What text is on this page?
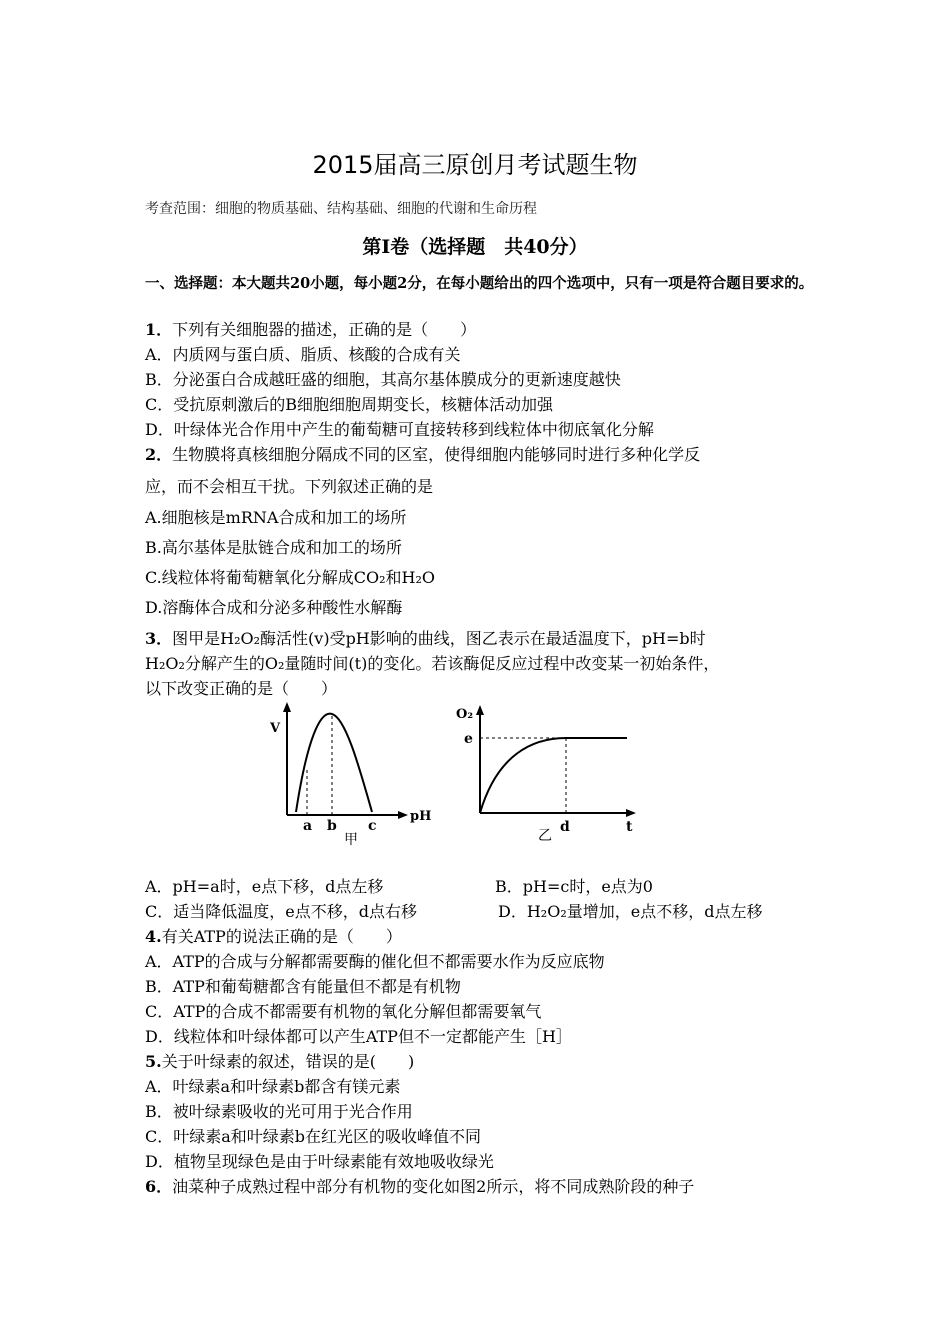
2015届高三原创月考试题生物
考查范围：细胞的物质基础、结构基础、细胞的代谢和生命历程
第I卷（选择题　共40分）
一、选择题：本大题共20小题，每小题2分，在每小题给出的四个选项中，只有一项是符合题目要求的。
1．下列有关细胞器的描述，正确的是（　　）
A．内质网与蛋白质、脂质、核酸的合成有关
B．分泌蛋白合成越旺盛的细胞，其高尔基体膜成分的更新速度越快
C．受抗原刺激后的B细胞细胞周期变长，核糖体活动加强
D．叶绿体光合作用中产生的葡萄糖可直接转移到线粒体中彻底氧化分解
2．生物膜将真核细胞分隔成不同的区室，使得细胞内能够同时进行多种化学反
应，而不会相互干扰。下列叙述正确的是
A.细胞核是mRNA合成和加工的场所
B.高尔基体是肽链合成和加工的场所
C.线粒体将葡萄糖氧化分解成CO₂和H₂O
D.溶酶体合成和分泌多种酸性水解酶
3．图甲是H₂O₂酶活性(v)受pH影响的曲线，图乙表示在最适温度下，pH=b时
H₂O₂分解产生的O₂量随时间(t)的变化。若该酶促反应过程中改变某一初始条件，
以下改变正确的是（　　）
V
pH
a b c
甲
O₂
e
d	t
乙
A．pH=a时，e点下移，d点左移	B．pH=c时，e点为0
C．适当降低温度，e点不移，d点右移	D．H₂O₂量增加，e点不移，d点左移
4.有关ATP的说法正确的是（　　）
A．ATP的合成与分解都需要酶的催化但不都需要水作为反应底物
B．ATP和葡萄糖都含有能量但不都是有机物
C．ATP的合成不都需要有机物的氧化分解但都需要氧气
D．线粒体和叶绿体都可以产生ATP但不一定都能产生［H］
5.关于叶绿素的叙述，错误的是(　　)
A．叶绿素a和叶绿素b都含有镁元素
B．被叶绿素吸收的光可用于光合作用
C．叶绿素a和叶绿素b在红光区的吸收峰值不同
D．植物呈现绿色是由于叶绿素能有效地吸收绿光
6．油菜种子成熟过程中部分有机物的变化如图2所示，将不同成熟阶段的种子
